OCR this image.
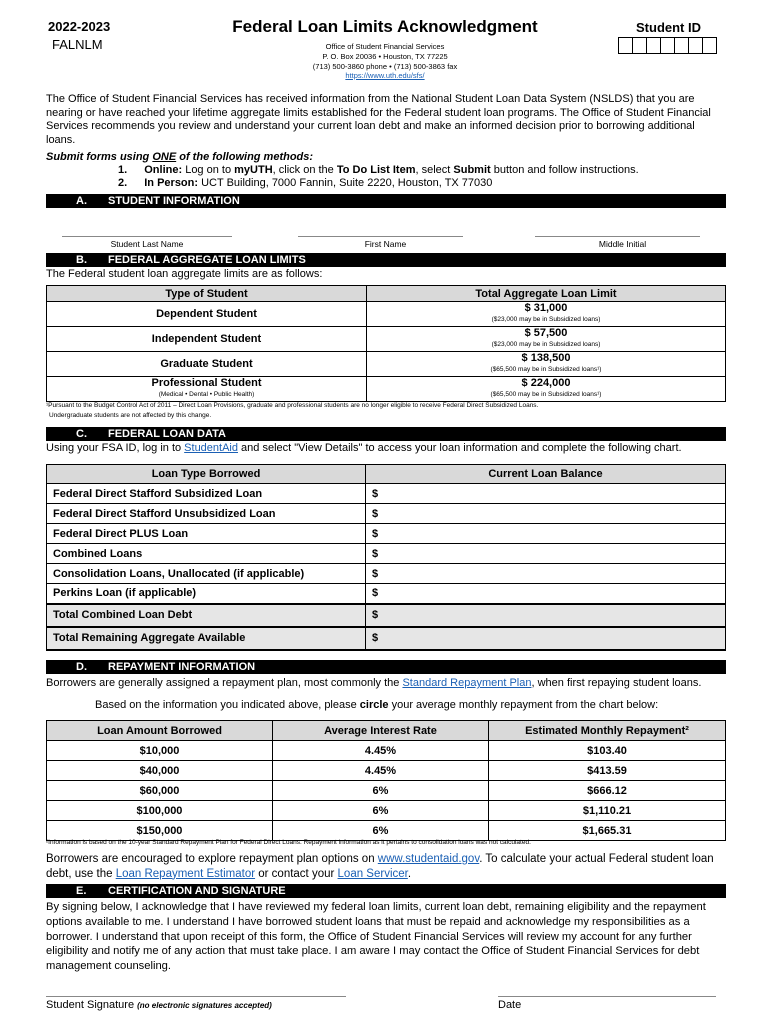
2022-2023
FALNLM
Federal Loan Limits Acknowledgment
Office of Student Financial Services
P. O. Box 20036 • Houston, TX 77225
(713) 500-3860 phone • (713) 500-3863 fax
https://www.uth.edu/sfs/
Student ID
The Office of Student Financial Services has received information from the National Student Loan Data System (NSLDS) that you are nearing or have reached your lifetime aggregate limits established for the Federal student loan programs. The Office of Student Financial Services recommends you review and understand your current loan debt and make an informed decision prior to borrowing additional loans.
Submit forms using ONE of the following methods:
1. Online: Log on to myUTH, click on the To Do List Item, select Submit button and follow instructions.
2. In Person: UCT Building, 7000 Fannin, Suite 2220, Houston, TX 77030
A. STUDENT INFORMATION
Student Last Name	First Name	Middle Initial
B. FEDERAL AGGREGATE LOAN LIMITS
The Federal student loan aggregate limits are as follows:
Type of Student	Total Aggregate Loan Limit
Dependent Student	$ 31,000
($23,000 may be in Subsidized loans)

Independent Student	$ 57,500
($23,000 may be in Subsidized loans)

Graduate Student	$ 138,500
($65,500 may be in Subsidized loans¹)

Professional Student
(Medical • Dental • Public Health)	$ 224,000
($65,500 may be in Subsidized loans¹)
¹Pursuant to the Budget Control Act of 2011 – Direct Loan Provisions, graduate and professional students are no longer eligible to receive Federal Direct Subsidized Loans.
Undergraduate students are not affected by this change.
C. FEDERAL LOAN DATA
Using your FSA ID, log in to StudentAid and select "View Details" to access your loan information and complete the following chart.
Loan Type Borrowed	Current Loan Balance
Federal Direct Stafford Subsidized Loan	$
Federal Direct Stafford Unsubsidized Loan	$
Federal Direct PLUS Loan	$
Combined Loans	$
Consolidation Loans, Unallocated (if applicable)	$
Perkins Loan (if applicable)	$
Total Combined Loan Debt	$
Total Remaining Aggregate Available	$
D. REPAYMENT INFORMATION
Borrowers are generally assigned a repayment plan, most commonly the Standard Repayment Plan, when first repaying student loans.
Based on the information you indicated above, please circle your average monthly repayment from the chart below:
Loan Amount Borrowed	Average Interest Rate	Estimated Monthly Repayment²
$10,000	4.45%	$103.40
$40,000	4.45%	$413.59
$60,000	6%	$666.12
$100,000	6%	$1,110.21
$150,000	6%	$1,665.31
²Information is based on the 10-year Standard Repayment Plan for Federal Direct Loans. Repayment information as it pertains to consolidation loans was not calculated.
Borrowers are encouraged to explore repayment plan options on www.studentaid.gov. To calculate your actual Federal student loan debt, use the Loan Repayment Estimator or contact your Loan Servicer.
E. CERTIFICATION AND SIGNATURE
By signing below, I acknowledge that I have reviewed my federal loan limits, current loan debt, remaining eligibility and the repayment options available to me. I understand I have borrowed student loans that must be repaid and acknowledge my responsibilities as a borrower. I understand that upon receipt of this form, the Office of Student Financial Services will review my account for any further eligibility and notify me of any action that must take place. I am aware I may contact the Office of Student Financial Services for debt management counseling.
Student Signature (no electronic signatures accepted)	Date
